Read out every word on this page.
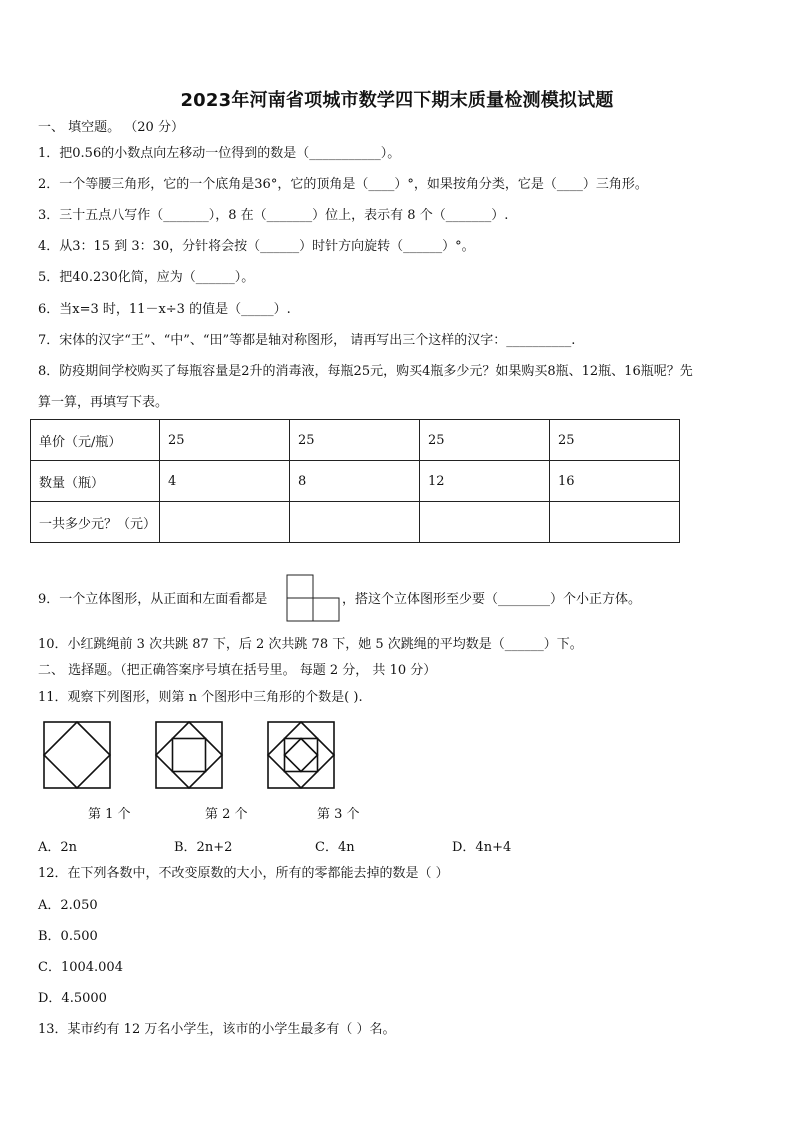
2023年河南省项城市数学四下期末质量检测模拟试题
一、 填空题。 （20 分）
1．把0.56的小数点向左移动一位得到的数是（___________）。
2．一个等腰三角形，它的一个底角是36°，它的顶角是（____）°，如果按角分类，它是（____）三角形。
3．三十五点八写作（_______），8 在（_______）位上，表示有 8 个（_______）.
4．从3：15 到 3：30，分针将会按（______）时针方向旋转（______）°。
5．把40.230化简，应为（______）。
6．当x=3 时，11－x÷3 的值是（_____）.
7．宋体的汉字“王”、“中”、“田”等都是轴对称图形， 请再写出三个这样的汉字：__________.
8．防疫期间学校购买了每瓶容量是2升的消毒液，每瓶25元，购买4瓶多少元？如果购买8瓶、12瓶、16瓶呢？先
算一算，再填写下表。
单价（元/瓶）	25	25	25	25
数量（瓶）	4	8	12	16
一共多少元？（元）				
9．一个立体图形，从正面和左面看都是	，搭这个立体图形至少要（________）个小正方体。
10．小红跳绳前 3 次共跳 87 下，后 2 次共跳 78 下，她 5 次跳绳的平均数是（______）下。
二、 选择题。（把正确答案序号填在括号里。 每题 2 分， 共 10 分）
11．观察下列图形，则第 n 个图形中三角形的个数是( ).
第 1 个	第 2 个	第 3 个
A．2n	B．2n+2	C．4n	D．4n+4
12．在下列各数中，不改变原数的大小，所有的零都能去掉的数是（ ）
A．2.050
B．0.500
C．1004.004
D．4.5000
13．某市约有 12 万名小学生，该市的小学生最多有（ ）名。
